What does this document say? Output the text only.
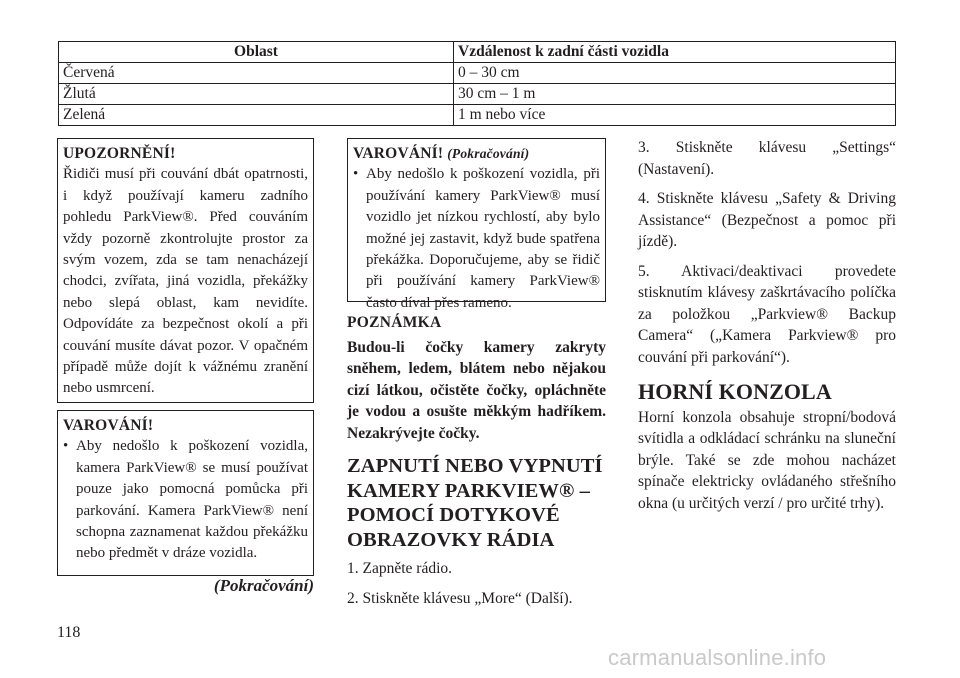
Oblast	Vzdálenost k zadní části vozidla
Červená	0 – 30 cm
Žlutá	30 cm – 1 m
Zelená	1 m nebo více
UPOZORNĚNÍ!
Řidiči musí při couvání dbát opatrnosti, i když používají kameru zadního pohledu ParkView®. Před couváním vždy pozorně zkontrolujte prostor za svým vozem, zda se tam nenacházejí chodci, zvířata, jiná vozidla, překážky nebo slepá oblast, kam nevidíte. Odpovídáte za bezpečnost okolí a při couvání musíte dávat pozor. V opačném případě může dojít k vážnému zranění nebo usmrcení.
VAROVÁNÍ!
• Aby nedošlo k poškození vozidla, kamera ParkView® se musí používat pouze jako pomocná pomůcka při parkování. Kamera ParkView® není schopna zaznamenat každou překážku nebo předmět v dráze vozidla.
(Pokračování)
VAROVÁNÍ! (Pokračování)
• Aby nedošlo k poškození vozidla, při používání kamery ParkView® musí vozidlo jet nízkou rychlostí, aby bylo možné jej zastavit, když bude spatřena překážka. Doporučujeme, aby se řidič při používání kamery ParkView® často díval přes rameno.

POZNÁMKA

Budou-li čočky kamery zakryty sněhem, ledem, blátem nebo nějakou cizí látkou, očistěte čočky, opláchněte je vodou a osušte měkkým hadříkem. Nezakrývejte čočky.

ZAPNUTÍ NEBO VYPNUTÍ KAMERY PARKVIEW® – POMOCÍ DOTYKOVÉ OBRAZOVKY RÁDIA
1. Zapněte rádio.
2. Stiskněte klávesu „More“ (Další).

3. Stiskněte klávesu „Settings“ (Nastavení).

4. Stiskněte klávesu „Safety & Driving Assistance“ (Bezpečnost a pomoc při jízdě).

5. Aktivaci/deaktivaci provedete stisknutím klávesy zaškrtávacího políčka za položkou „Parkview® Backup Camera“ („Kamera Parkview® pro couvání při parkování“).

HORNÍ KONZOLA

Horní konzola obsahuje stropní/bodová svítidla a odkládací schránku na sluneční brýle. Také se zde mohou nacházet spínače elektricky ovládaného střešního okna (u určitých verzí / pro určité trhy).

118
carmanualsonline.info
